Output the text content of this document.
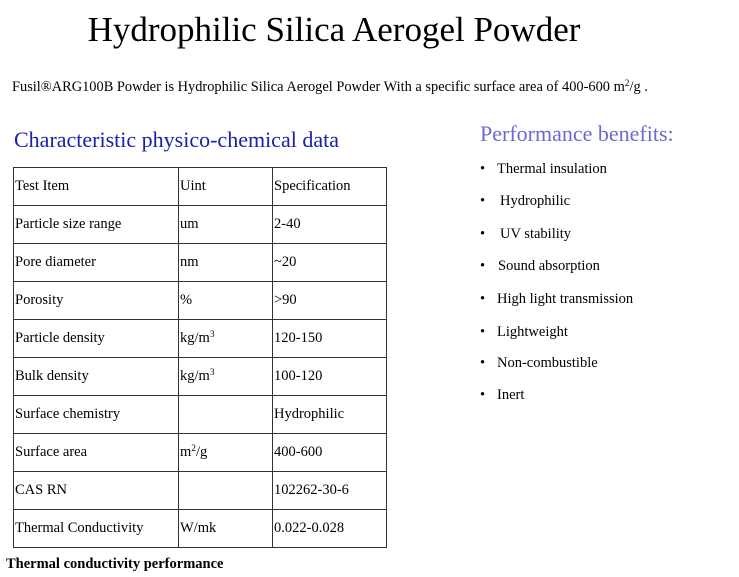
Hydrophilic Silica Aerogel Powder
Fusil®ARG100B Powder is Hydrophilic Silica Aerogel Powder With a specific surface area of 400-600 $m^2/g$ .
Characteristic physico-chemical data	Performance benefits:
Test Item	Uint	Specification
Particle size range	um	2-40
Pore diameter	nm	~20
Porosity	%	>90
Particle density	$kg/m^3$	120-150
Bulk density	$kg/m^3$	100-120
Surface chemistry		Hydrophilic
Surface area	$m^2/g$	400-600
CAS RN		102262-30-6
Thermal Conductivity	W/mk	0.022-0.028
• Thermal insulation
• Hydrophilic
• UV stability
• Sound absorption
• High light transmission
• Lightweight
• Non-combustible
• Inert
Thermal conductivity performance
